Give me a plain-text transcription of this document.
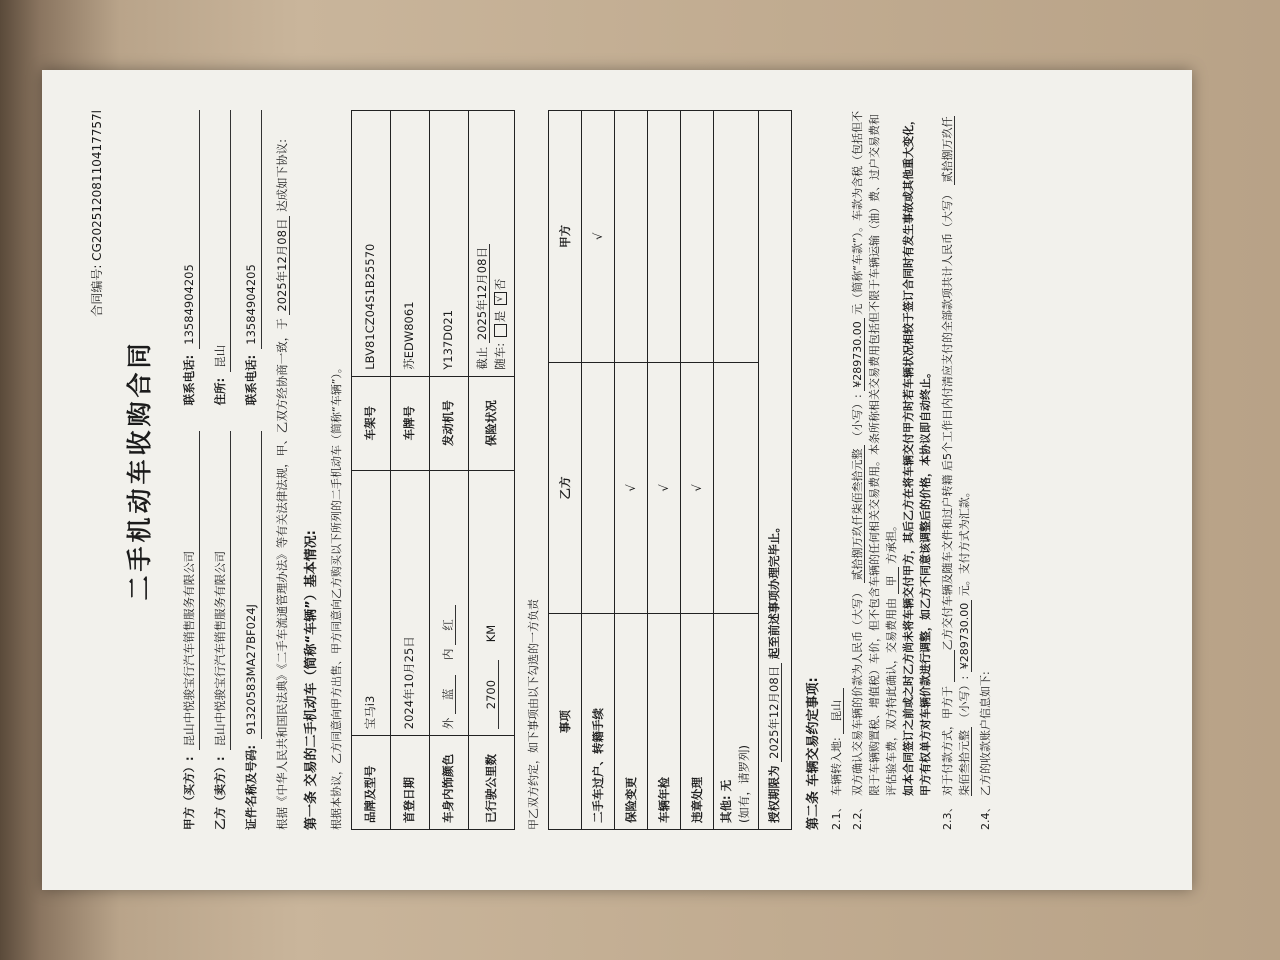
合同编号: CG20251208110417757l
二手机动车收购合同
甲方（买方）:
昆山中悦骏宝行汽车销售服务有限公司
联系电话:
13584904205
乙方（卖方）:
昆山中悦骏宝行汽车销售服务有限公司
住所:
昆山
证件名称及号码:
91320583MA27BF024J
联系电话:
13584904205
根据《中华人民共和国民法典》《二手车流通管理办法》等有关法律法规，甲、乙双方经协商一致，于 2025年12月08日 达成如下协议:
第一条 交易的二手机动车（简称“车辆”）基本情况: 根据本协议，乙方同意向甲方出售、甲方同意向乙方购买以下所列的二手机动车（简称“车辆”）。 品牌及型号	宝马i3	车架号	LBV81CZ04S1B25570
首登日期	2024年10月25日	车牌号	苏EDW8061
车身内饰颜色	外 蓝    内 红	发动机号	Y137D021
已行驶公里数	2700 KM	保险状况	截止 2025年12月08日
随车: 是 √否
甲乙双方约定，如下事项由以下勾选的一方负责 事项	乙方	甲方
二手车过户、转籍手续		√
保险变更	√	
车辆年检	√	
违章处理	√	

其他: 无 (如有，请罗列)		

授权期限为 2025年12月08日 起至前述事项办理完毕止。		
第二条 车辆交易约定事项: 2.1、
车辆转入地: 昆山
2.2、
双方确认交易车辆的价款为人民币（大写） 贰拾捌万玖仟柒佰叁拾元整 （小写）: ¥289730.00 元（简称“车款”）。车款为含税（包括但不限于车辆购置税、增值税）车价，但不包含车辆的任何相关交易费用。本条所称相关交易费用包括但不限于车辆运输（油）费、过户交易费和评估验车费，双方特此确认，交易费用由 甲 方承担。 如本合同签订之前或之时乙方尚未将车辆交付甲方，其后乙方在将车辆交付甲方时若车辆状况相较于签订合同时有发生事故或其他重大变化，甲方有权单方对车辆价款进行调整，如乙方不同意该调整后的价格，本协议即自动终止。
2.3、
对于付款方式，甲方于 乙方交付车辆及随车文件和过户转籍 后5个工作日内付清应支付的全部款项共计人民币（大写） 贰拾捌万玖仟柒佰叁拾元整 （小写）: ¥289730.00 元。支付方式为汇款。
2.4、
乙方的收款账户信息如下:
